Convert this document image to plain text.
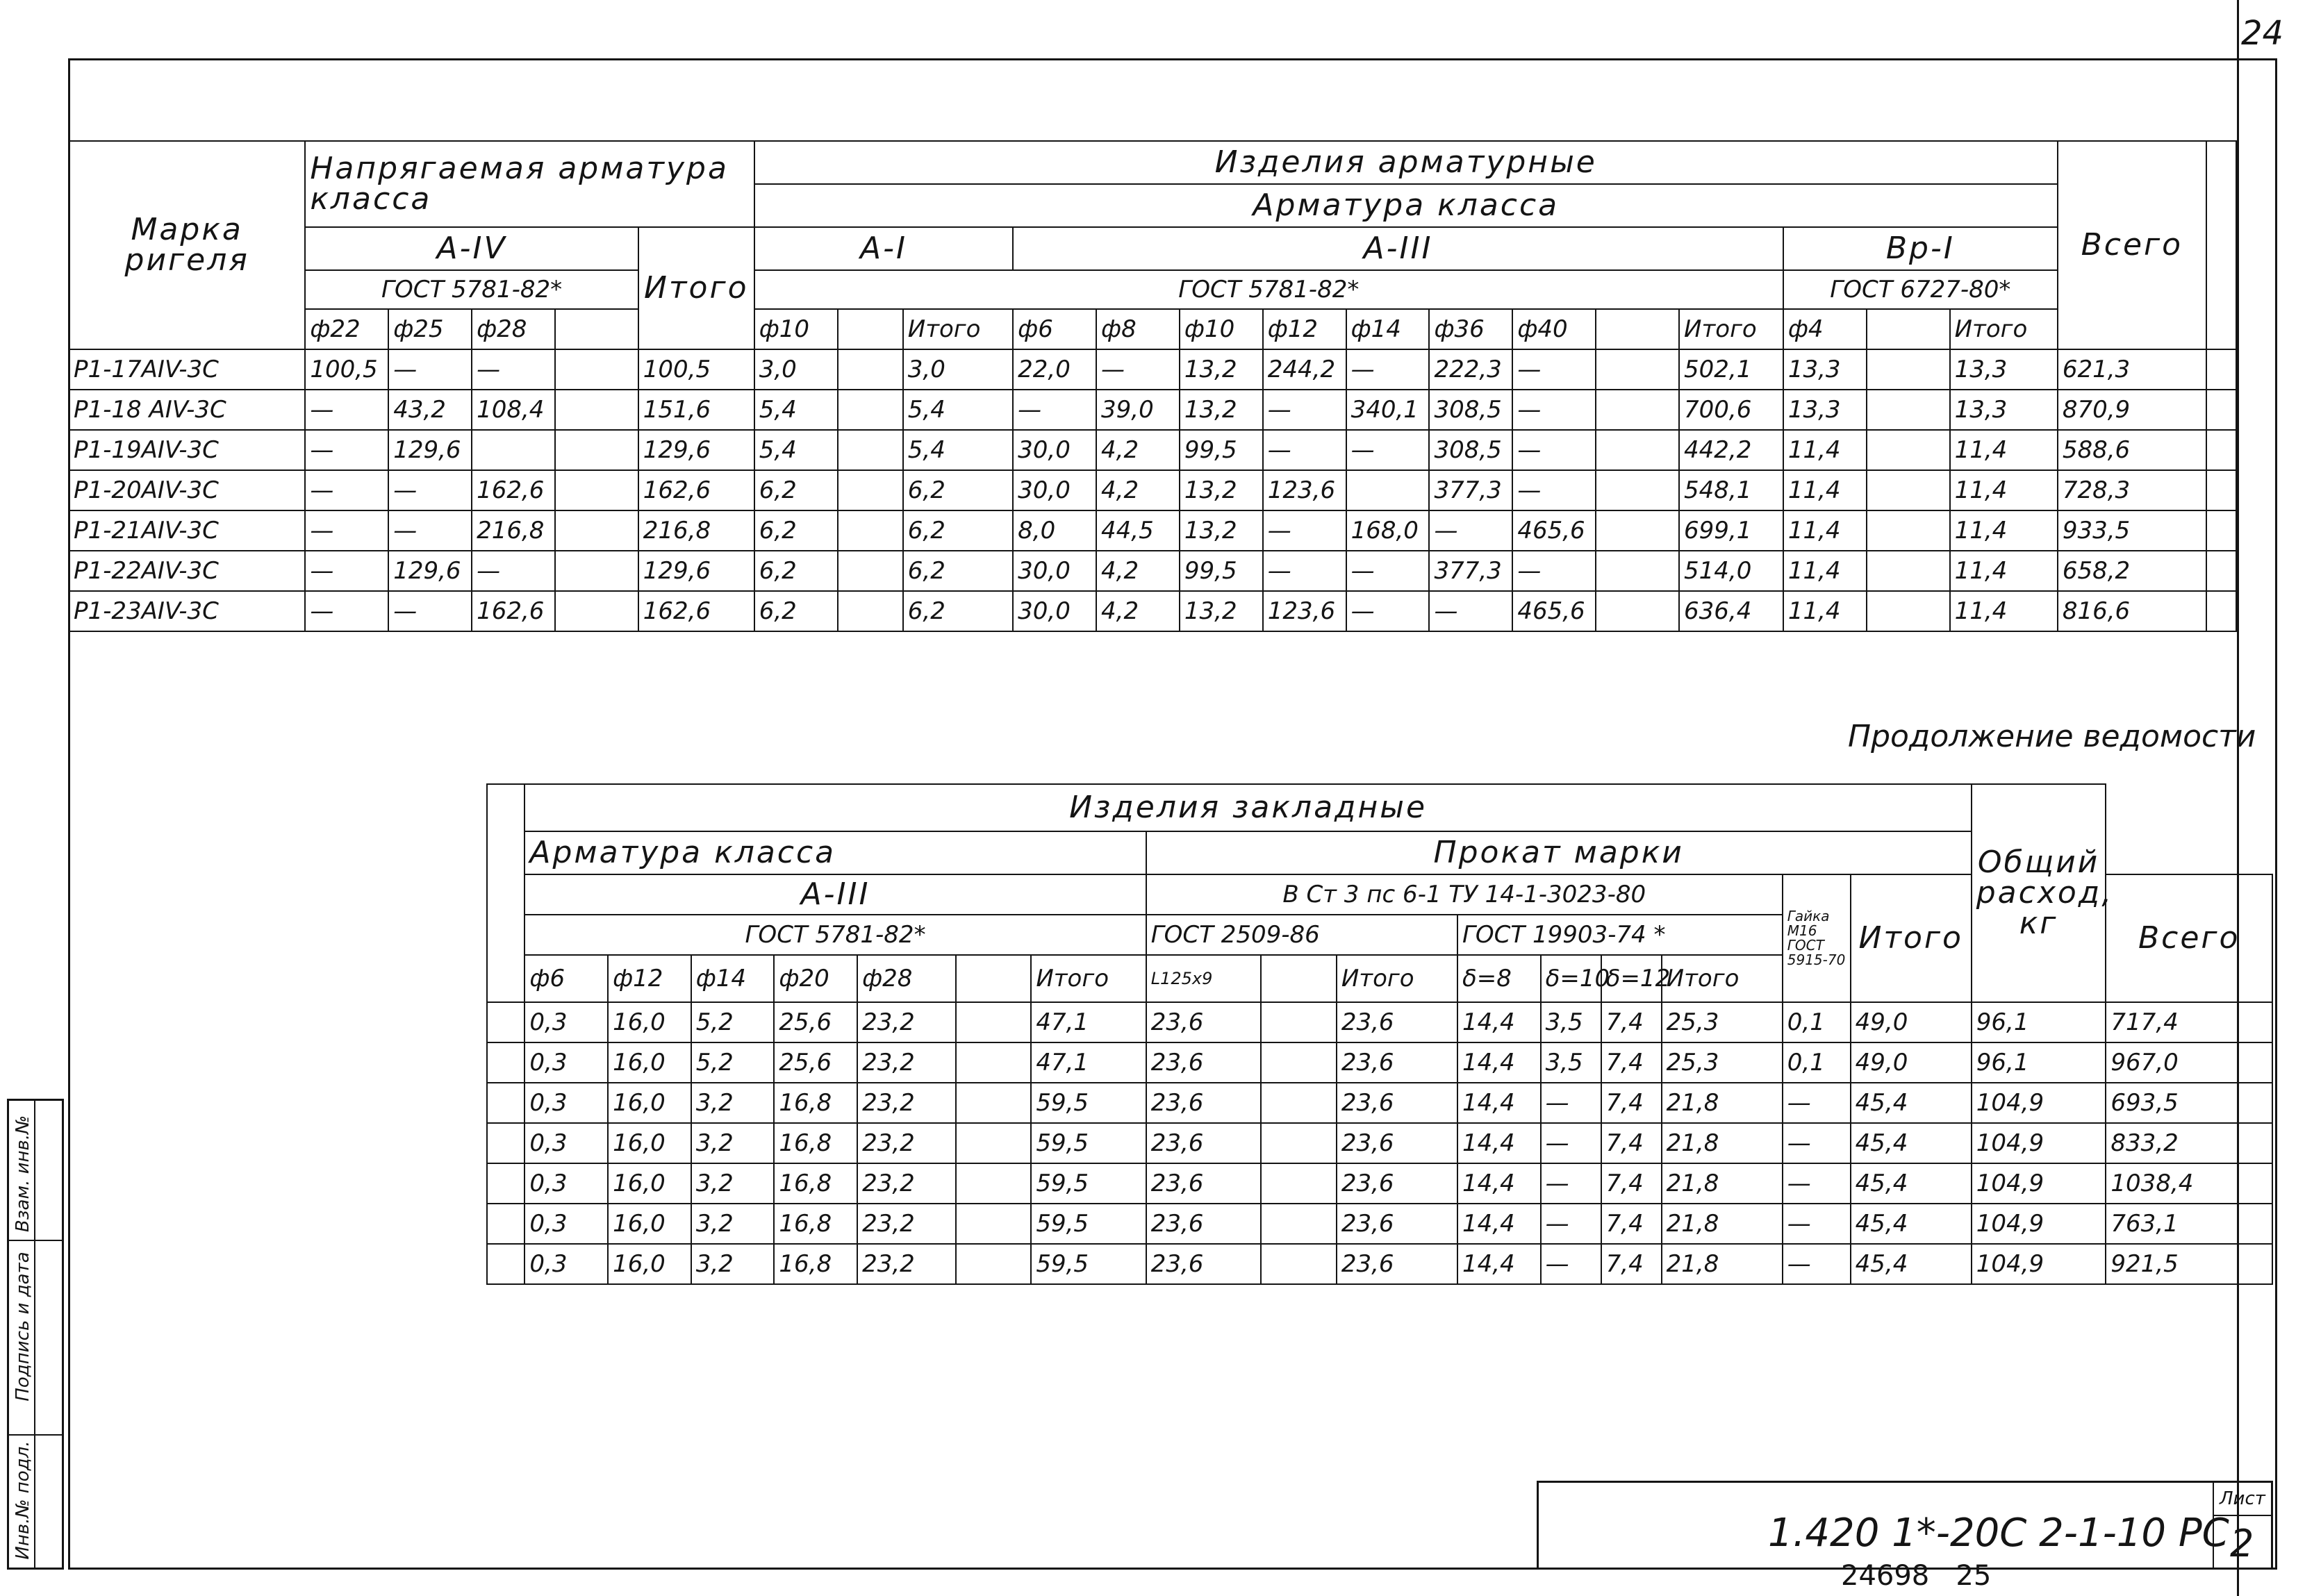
24
Марка ригеля	Напрягаемая арматура класса					Изделия арматурные															Всего	
						Арматура класса																
	А-IV				Итого	А-I			А-III									Вр-I				
	ГОСТ 5781-82*					ГОСТ 5781-82*												ГОСТ 6727-80*				
	ф22	ф25	ф28			ф10		Итого	ф6	ф8	ф10	ф12	ф14	ф36	ф40		Итого	ф4		Итого		
Р1-17АIV-3С	100,5	—	—		100,5	3,0		3,0	22,0	—	13,2	244,2	—	222,3	—		502,1	13,3		13,3	621,3	
Р1-18 АIV-3С	—	43,2	108,4		151,6	5,4		5,4	—	39,0	13,2	—	340,1	308,5	—		700,6	13,3		13,3	870,9	
Р1-19АIV-3С	—	129,6			129,6	5,4		5,4	30,0	4,2	99,5	—	—	308,5	—		442,2	11,4		11,4	588,6	
Р1-20АIV-3С	—	—	162,6		162,6	6,2		6,2	30,0	4,2	13,2	123,6		377,3	—		548,1	11,4		11,4	728,3	
Р1-21АIV-3С	—	—	216,8		216,8	6,2		6,2	8,0	44,5	13,2	—	168,0	—	465,6		699,1	11,4		11,4	933,5	
Р1-22АIV-3С	—	129,6	—		129,6	6,2		6,2	30,0	4,2	99,5	—	—	377,3	—		514,0	11,4		11,4	658,2	
Р1-23АIV-3С	—	—	162,6		162,6	6,2		6,2	30,0	4,2	13,2	123,6	—	—	465,6		636,4	11,4		11,4	816,6	
Продолжение ведомости
	Изделия закладные																Общий расход, кг
	Арматура класса							Прокат марки										
	А-III							В Ст 3 пс 6-1 ТУ 14-1-3023-80							Гайка М16 ГОСТ 5915-70	Итого		Всего
	ГОСТ 5781-82*							ГОСТ 2509-86			ГОСТ 19903-74 *							
	ф6	ф12	ф14	ф20	ф28		Итого	L125x9		Итого	δ=8	δ=10	δ=12	Итого				
	0,3	16,0	5,2	25,6	23,2		47,1	23,6		23,6	14,4	3,5	7,4	25,3	0,1	49,0	96,1	717,4
	0,3	16,0	5,2	25,6	23,2		47,1	23,6		23,6	14,4	3,5	7,4	25,3	0,1	49,0	96,1	967,0
	0,3	16,0	3,2	16,8	23,2		59,5	23,6		23,6	14,4	—	7,4	21,8	—	45,4	104,9	693,5
	0,3	16,0	3,2	16,8	23,2		59,5	23,6		23,6	14,4	—	7,4	21,8	—	45,4	104,9	833,2
	0,3	16,0	3,2	16,8	23,2		59,5	23,6		23,6	14,4	—	7,4	21,8	—	45,4	104,9	1038,4
	0,3	16,0	3,2	16,8	23,2		59,5	23,6		23,6	14,4	—	7,4	21,8	—	45,4	104,9	763,1
	0,3	16,0	3,2	16,8	23,2		59,5	23,6		23,6	14,4	—	7,4	21,8	—	45,4	104,9	921,5
Подпись и дата
Взам. инв.№
Инв.№ подл.	1.420 1*-20С 2-1-10 РС
Лист
2
24698   25
